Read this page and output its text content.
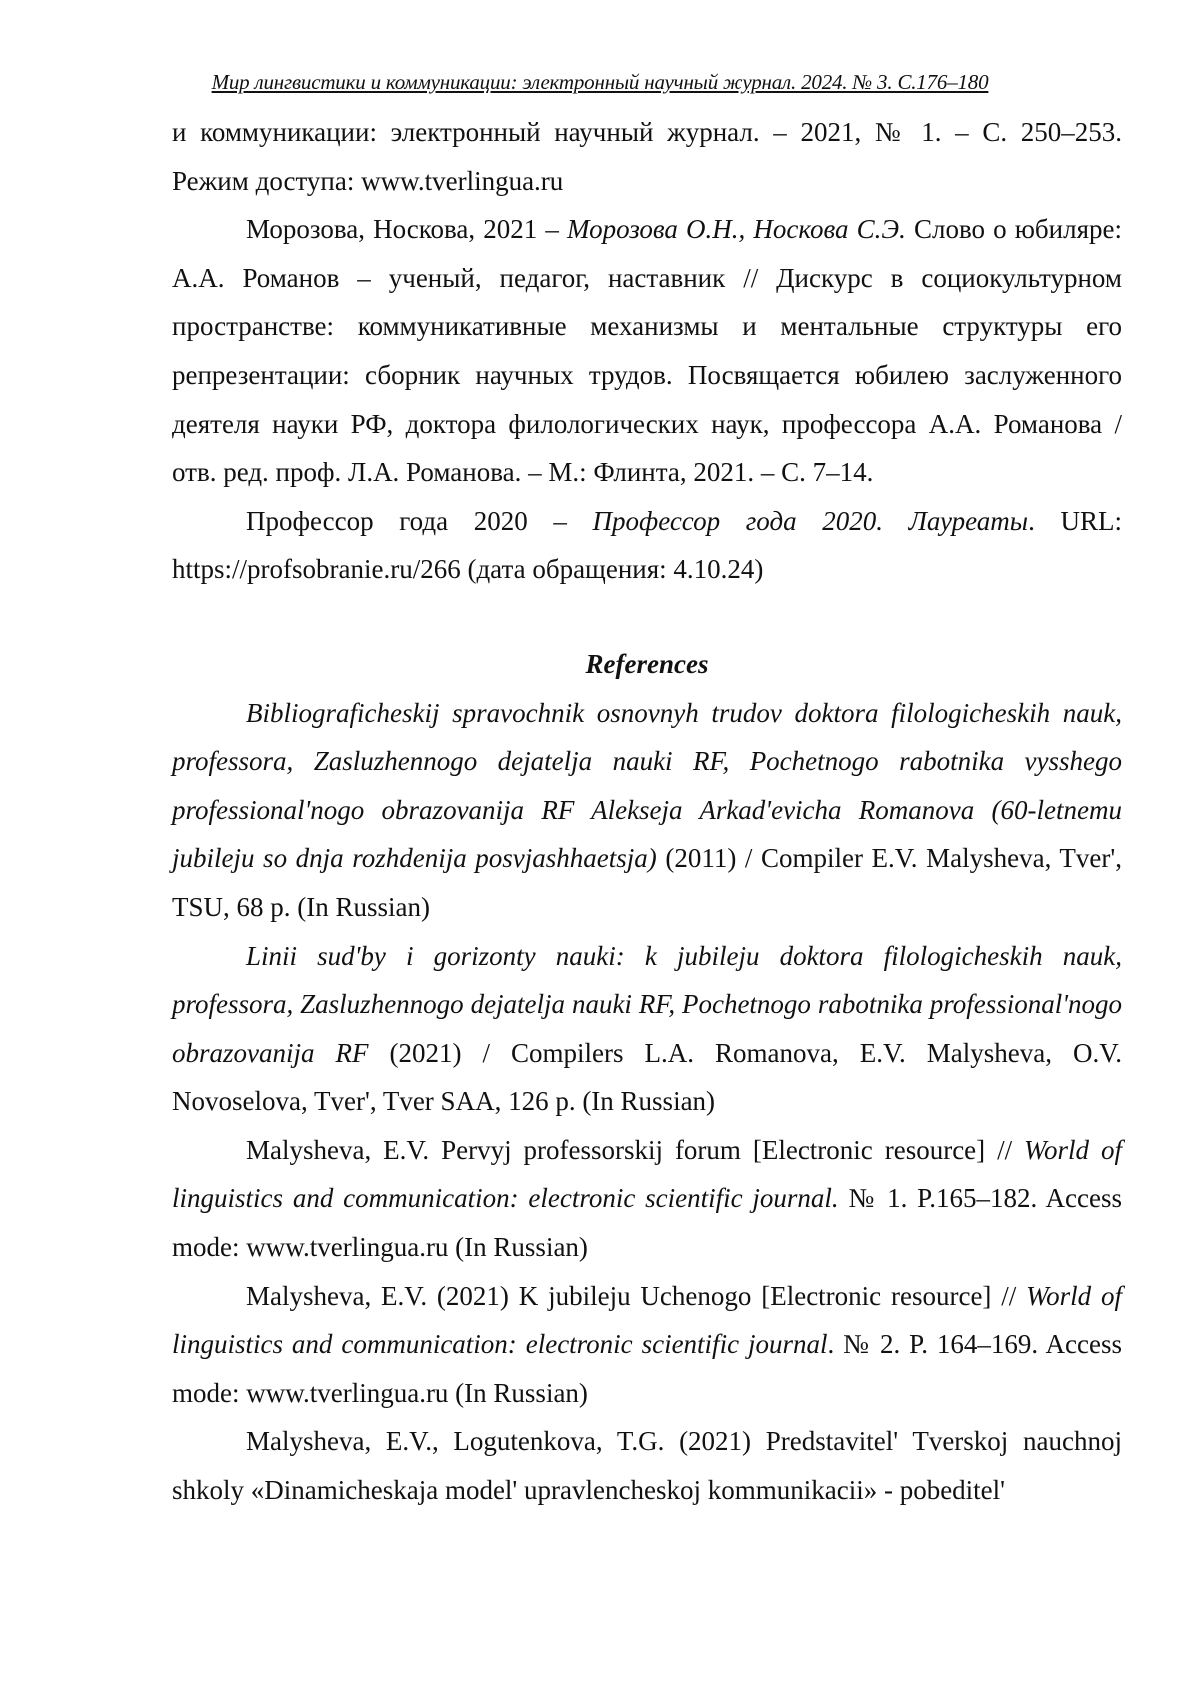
Мир лингвистики и коммуникации: электронный научный журнал. 2024. № 3. С.176–180

и коммуникации: электронный научный журнал. – 2021, № 1. – С. 250–253. Режим доступа: www.tverlingua.ru

Морозова, Носкова, 2021 – Морозова О.Н., Носкова С.Э. Слово о юбиляре: А.А. Романов – ученый, педагог, наставник // Дискурс в социокультурном пространстве: коммуникативные механизмы и ментальные структуры его репрезентации: сборник научных трудов. Посвящается юбилею заслуженного деятеля науки РФ, доктора филологических наук, профессора А.А. Романова / отв. ред. проф. Л.А. Романова. – М.: Флинта, 2021. – С. 7–14.

Профессор года 2020 – Профессор года 2020. Лауреаты. URL: https://profsobranie.ru/266 (дата обращения: 4.10.24)

References

Bibliograficheskij spravochnik osnovnyh trudov doktora filologicheskih nauk, professora, Zasluzhennogo dejatelja nauki RF, Pochetnogo rabotnika vysshego professional'nogo obrazovanija RF Alekseja Arkad'evicha Romanova (60-letnemu jubileju so dnja rozhdenija posvjashhaetsja) (2011) / Compiler E.V. Malysheva, Tver', TSU, 68 p. (In Russian)

Linii sud'by i gorizonty nauki: k jubileju doktora filologicheskih nauk, professora, Zasluzhennogo dejatelja nauki RF, Pochetnogo rabotnika professional'nogo obrazovanija RF (2021) / Compilers L.A. Romanova, E.V. Malysheva, O.V. Novoselova, Tver', Tver SAA, 126 p. (In Russian)

Malysheva, E.V. Pervyj professorskij forum [Electronic resource] // World of linguistics and communication: electronic scientific journal. № 1. P.165–182. Access mode: www.tverlingua.ru (In Russian)

Malysheva, E.V. (2021) K jubileju Uchenogo [Electronic resource] // World of linguistics and communication: electronic scientific journal. № 2. P. 164–169. Access mode: www.tverlingua.ru (In Russian)

Malysheva, E.V., Logutenkova, T.G. (2021) Predstavitel' Tverskoj nauchnoj shkoly «Dinamicheskaja model' upravlencheskoj kommunikacii» - pobeditel'
